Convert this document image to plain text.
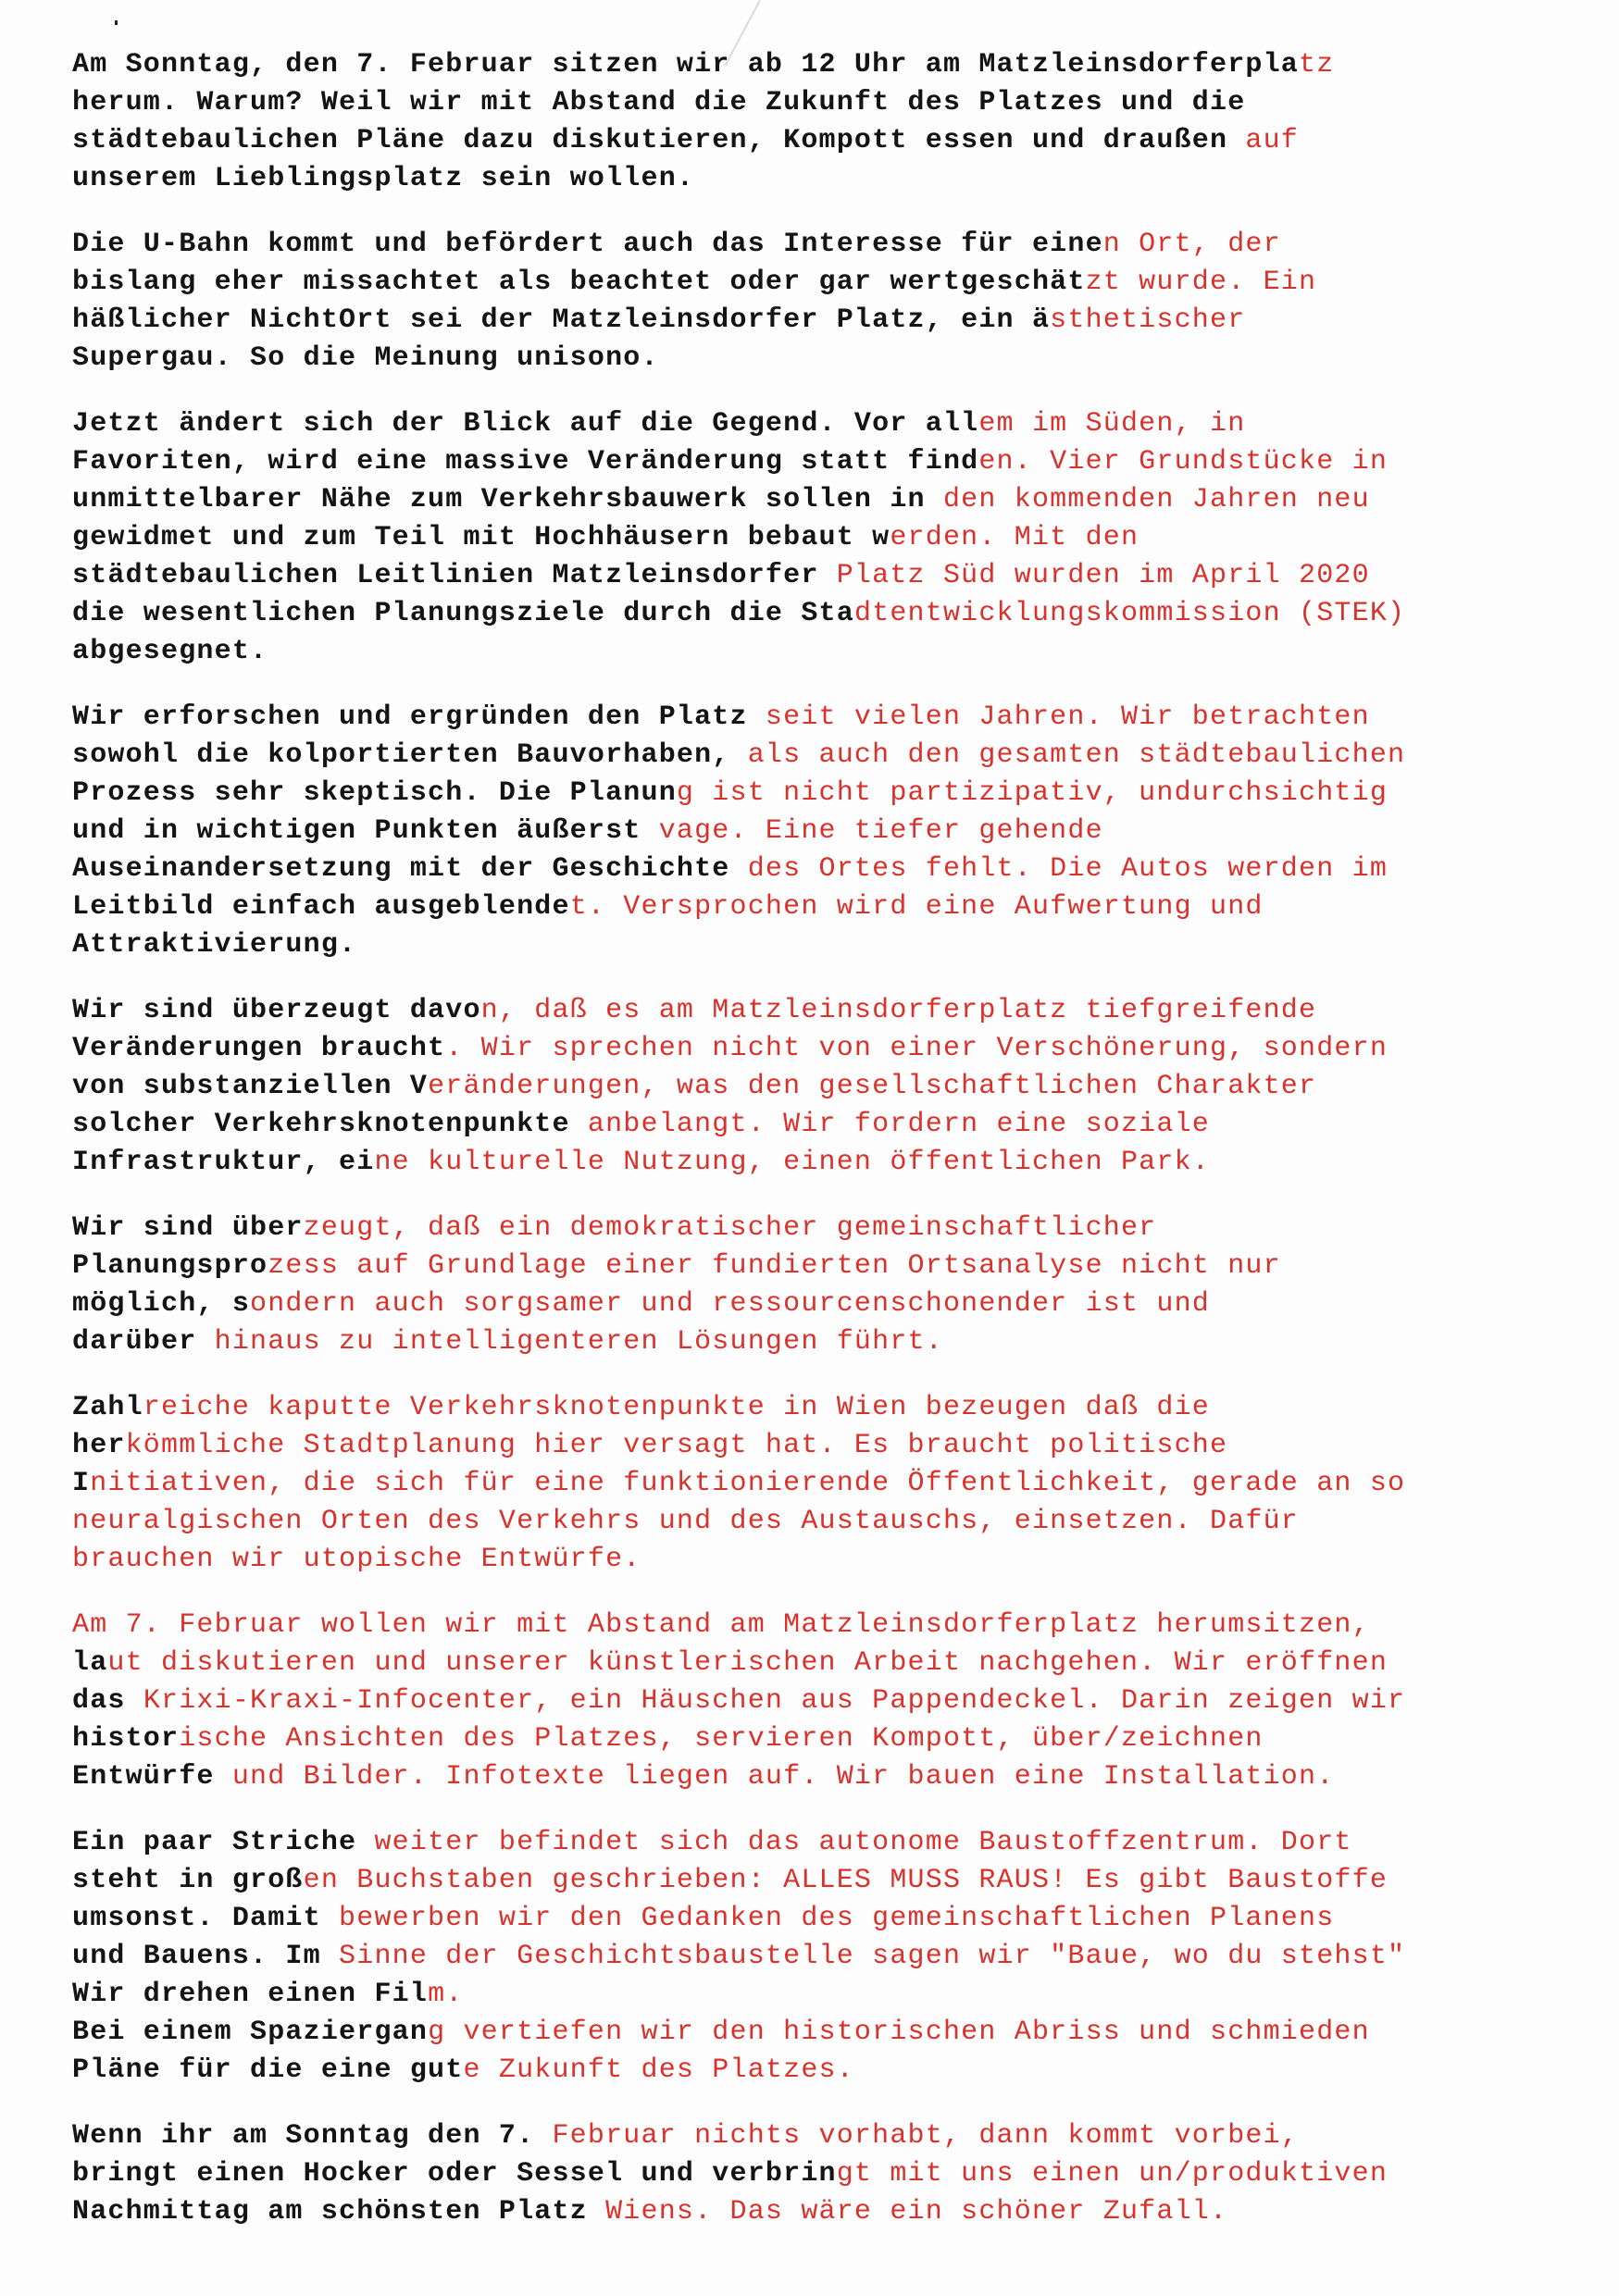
Am Sonntag, den 7. Februar sitzen wir ab 12 Uhr am Matzleinsdorferplatz
herum. Warum? Weil wir mit Abstand die Zukunft des Platzes und die
städtebaulichen Pläne dazu diskutieren, Kompott essen und draußen auf
unserem Lieblingsplatz sein wollen.
Die U-Bahn kommt und befördert auch das Interesse für einen Ort, der
bislang eher missachtet als beachtet oder gar wertgeschätzt wurde. Ein
häßlicher NichtOrt sei der Matzleinsdorfer Platz, ein ästhetischer
Supergau. So die Meinung unisono.
Jetzt ändert sich der Blick auf die Gegend. Vor allem im Süden, in
Favoriten, wird eine massive Veränderung statt finden. Vier Grundstücke in
unmittelbarer Nähe zum Verkehrsbauwerk sollen in den kommenden Jahren neu
gewidmet und zum Teil mit Hochhäusern bebaut werden. Mit den
städtebaulichen Leitlinien Matzleinsdorfer Platz Süd wurden im April 2020
die wesentlichen Planungsziele durch die Stadtentwicklungskommission (STEK)
abgesegnet.
Wir erforschen und ergründen den Platz seit vielen Jahren. Wir betrachten
sowohl die kolportierten Bauvorhaben, als auch den gesamten städtebaulichen
Prozess sehr skeptisch. Die Planung ist nicht partizipativ, undurchsichtig
und in wichtigen Punkten äußerst vage. Eine tiefer gehende
Auseinandersetzung mit der Geschichte des Ortes fehlt. Die Autos werden im
Leitbild einfach ausgeblendet. Versprochen wird eine Aufwertung und
Attraktivierung.
Wir sind überzeugt davon, daß es am Matzleinsdorferplatz tiefgreifende
Veränderungen braucht. Wir sprechen nicht von einer Verschönerung, sondern
von substanziellen Veränderungen, was den gesellschaftlichen Charakter
solcher Verkehrsknotenpunkte anbelangt. Wir fordern eine soziale
Infrastruktur, eine kulturelle Nutzung, einen öffentlichen Park.
Wir sind überzeugt, daß ein demokratischer gemeinschaftlicher
Planungsprozess auf Grundlage einer fundierten Ortsanalyse nicht nur
möglich, sondern auch sorgsamer und ressourcenschonender ist und
darüber hinaus zu intelligenteren Lösungen führt.
Zahlreiche kaputte Verkehrsknotenpunkte in Wien bezeugen daß die
herkömmliche Stadtplanung hier versagt hat. Es braucht politische
Initiativen, die sich für eine funktionierende Öffentlichkeit, gerade an so
neuralgischen Orten des Verkehrs und des Austauschs, einsetzen. Dafür
brauchen wir utopische Entwürfe.
Am 7. Februar wollen wir mit Abstand am Matzleinsdorferplatz herumsitzen,
laut diskutieren und unserer künstlerischen Arbeit nachgehen. Wir eröffnen
das Krixi-Kraxi-Infocenter, ein Häuschen aus Pappendeckel. Darin zeigen wir
historische Ansichten des Platzes, servieren Kompott, über/zeichnen
Entwürfe und Bilder. Infotexte liegen auf. Wir bauen eine Installation.
Ein paar Striche weiter befindet sich das autonome Baustoffzentrum. Dort
steht in großen Buchstaben geschrieben: ALLES MUSS RAUS! Es gibt Baustoffe
umsonst. Damit bewerben wir den Gedanken des gemeinschaftlichen Planens
und Bauens. Im Sinne der Geschichtsbaustelle sagen wir "Baue, wo du stehst"
Wir drehen einen Film.
Bei einem Spaziergang vertiefen wir den historischen Abriss und schmieden
Pläne für die eine gute Zukunft des Platzes.
Wenn ihr am Sonntag den 7. Februar nichts vorhabt, dann kommt vorbei,
bringt einen Hocker oder Sessel und verbringt mit uns einen un/produktiven
Nachmittag am schönsten Platz Wiens. Das wäre ein schöner Zufall.
